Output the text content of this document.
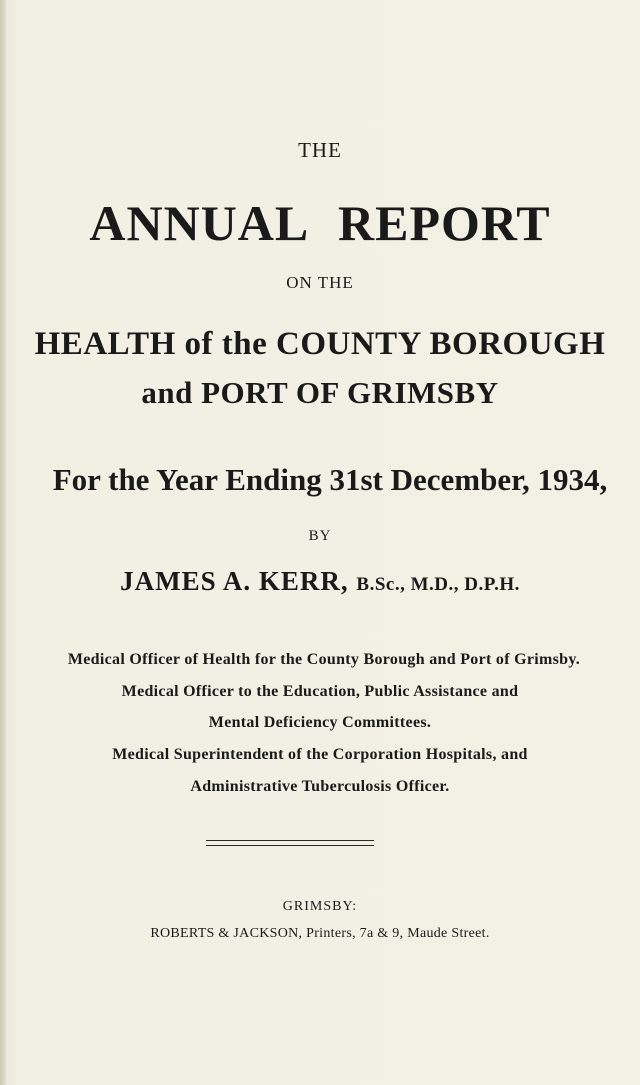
THE
ANNUAL REPORT
ON THE
HEALTH of the COUNTY BOROUGH
and PORT OF GRIMSBY
For the Year Ending 31st December, 1934,
BY
JAMES A. KERR, B.Sc., M.D., D.P.H.
Medical Officer of Health for the County Borough and Port of Grimsby.
Medical Officer to the Education, Public Assistance and
Mental Deficiency Committees.
Medical Superintendent of the Corporation Hospitals, and
Administrative Tuberculosis Officer.
GRIMSBY:
ROBERTS & JACKSON, Printers, 7a & 9, Maude Street.
